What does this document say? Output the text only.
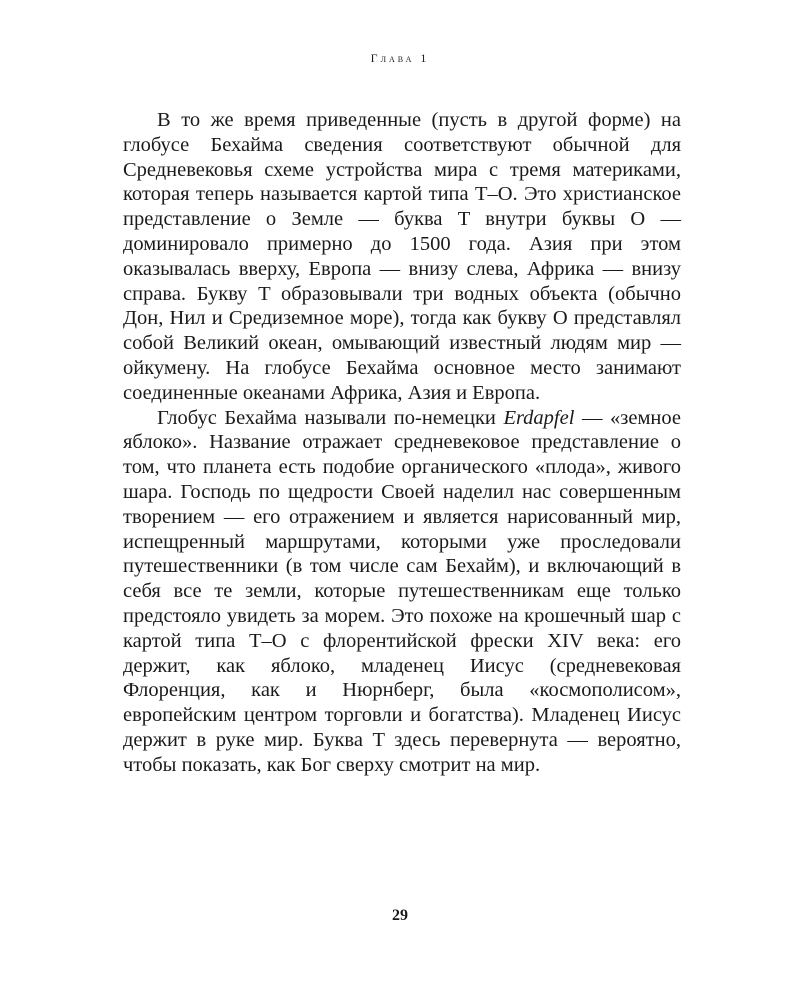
Глава 1

В то же время приведенные (пусть в другой форме) на глобусе Бехайма сведения соответствуют обычной для Средневековья схеме устройства мира с тремя материками, которая теперь называется картой типа T–O. Это христианское представление о Земле — буква T внутри буквы O — доминировало примерно до 1500 года. Азия при этом оказывалась вверху, Европа — внизу слева, Африка — внизу справа. Букву T образовывали три водных объекта (обычно Дон, Нил и Средиземное море), тогда как букву O представлял собой Великий океан, омывающий известный людям мир — ойкумену. На глобусе Бехайма основное место занимают соединенные океанами Африка, Азия и Европа.

Глобус Бехайма называли по-немецки Erdapfel — «земное яблоко». Название отражает средневековое представление о том, что планета есть подобие органического «плода», живого шара. Господь по щедрости Своей наделил нас совершенным творением — его отражением и является нарисованный мир, испещренный маршрутами, которыми уже проследовали путешественники (в том числе сам Бехайм), и включающий в себя все те земли, которые путешественникам еще только предстояло увидеть за морем. Это похоже на крошечный шар с картой типа T–O с флорентийской фрески XIV века: его держит, как яблоко, младенец Иисус (средневековая Флоренция, как и Нюрнберг, была «космополисом», европейским центром торговли и богатства). Младенец Иисус держит в руке мир. Буква T здесь перевернута — вероятно, чтобы показать, как Бог сверху смотрит на мир.

29
